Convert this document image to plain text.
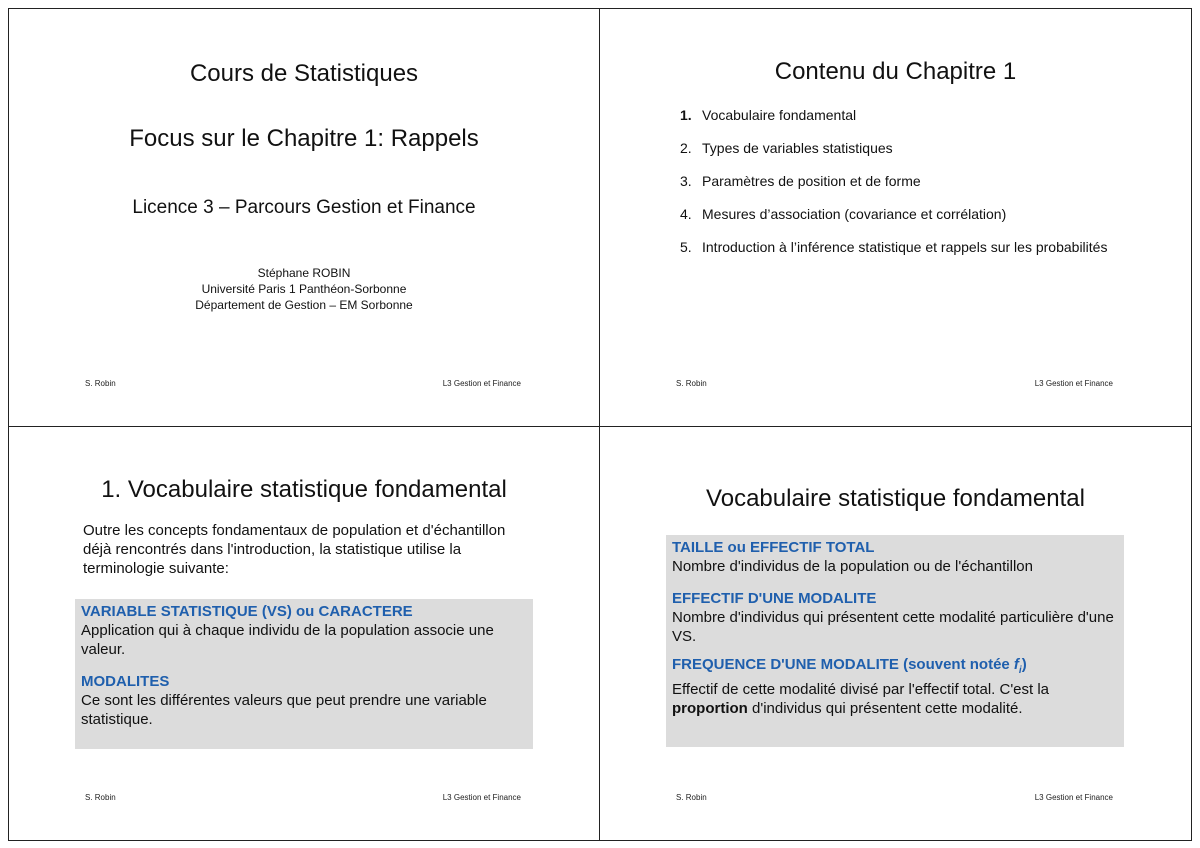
Cours de Statistiques
Focus sur le Chapitre 1: Rappels
Licence 3 – Parcours Gestion et Finance
Stéphane ROBIN
Université Paris 1 Panthéon-Sorbonne
Département de Gestion – EM Sorbonne
S. Robin	L3 Gestion et Finance
Contenu du Chapitre 1
1. Vocabulaire fondamental
2. Types de variables statistiques
3. Paramètres de position et de forme
4. Mesures d’association (covariance et corrélation)
5. Introduction à l’inférence statistique et rappels sur les probabilités
S. Robin	L3 Gestion et Finance
1. Vocabulaire statistique fondamental
Outre les concepts fondamentaux de population et d'échantillon déjà rencontrés dans l'introduction, la statistique utilise la terminologie suivante:
VARIABLE STATISTIQUE (VS) ou CARACTERE
Application qui à chaque individu de la population associe une valeur.
MODALITES
Ce sont les différentes valeurs que peut prendre une variable statistique.
S. Robin	L3 Gestion et Finance
Vocabulaire statistique fondamental
TAILLE ou EFFECTIF TOTAL
Nombre d'individus de la population ou de l'échantillon
EFFECTIF D'UNE MODALITE
Nombre d'individus qui présentent cette modalité particulière d'une VS.
FREQUENCE D'UNE MODALITE (souvent notée $f_i$)
Effectif de cette modalité divisé par l'effectif total. C'est la proportion d'individus qui présentent cette modalité.
S. Robin	L3 Gestion et Finance
